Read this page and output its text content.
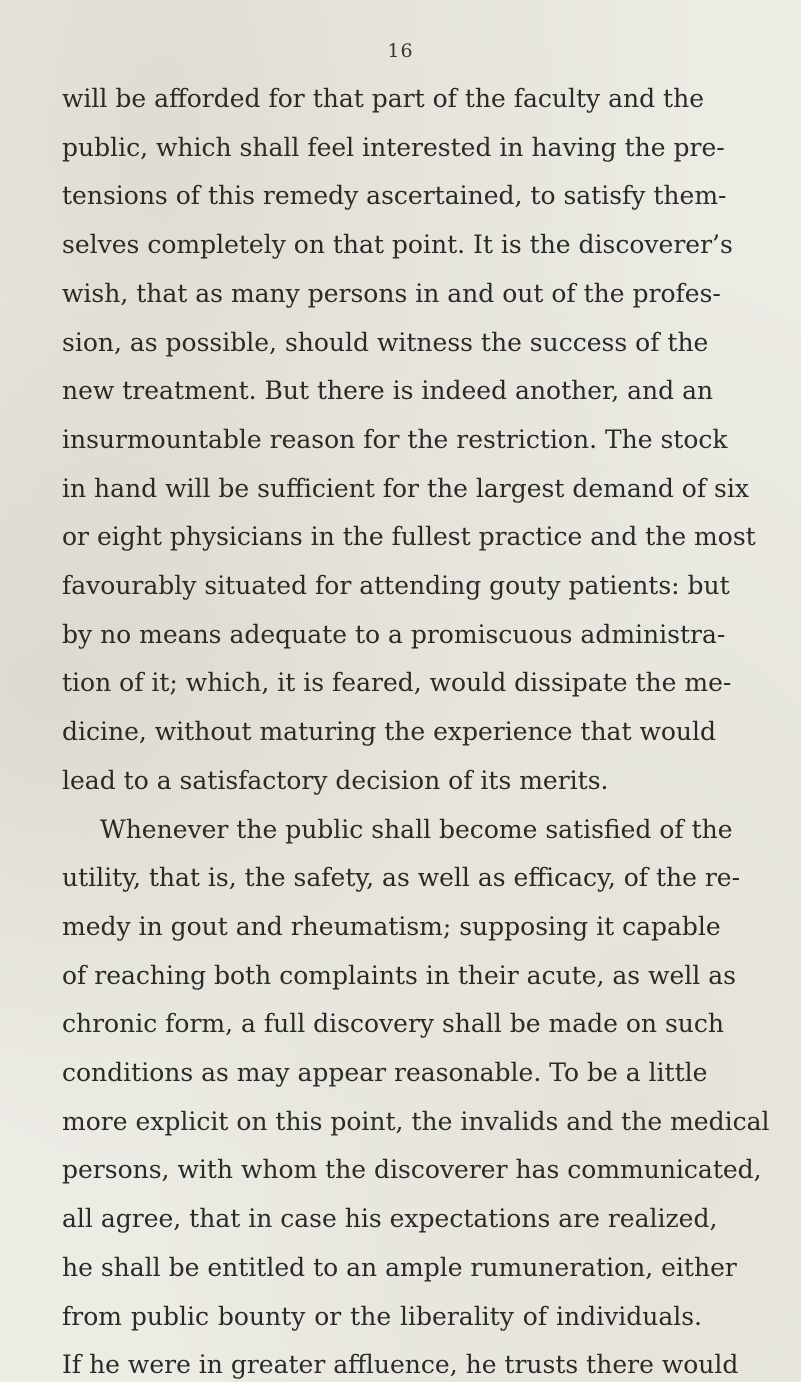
16
will be afforded for that part of the faculty and the
public, which shall feel interested in having the pre-
tensions of this remedy ascertained, to satisfy them-
selves completely on that point. It is the discoverer’s
wish, that as many persons in and out of the profes-
sion, as possible, should witness the success of the
new treatment. But there is indeed another, and an
insurmountable reason for the restriction. The stock
in hand will be sufficient for the largest demand of six
or eight physicians in the fullest practice and the most
favourably situated for attending gouty patients: but
by no means adequate to a promiscuous administra-
tion of it; which, it is feared, would dissipate the me-
dicine, without maturing the experience that would
lead to a satisfactory decision of its merits.
Whenever the public shall become satisfied of the
utility, that is, the safety, as well as efficacy, of the re-
medy in gout and rheumatism; supposing it capable
of reaching both complaints in their acute, as well as
chronic form, a full discovery shall be made on such
conditions as may appear reasonable. To be a little
more explicit on this point, the invalids and the medical
persons, with whom the discoverer has communicated,
all agree, that in case his expectations are realized,
he shall be entitled to an ample rumuneration, either
from public bounty or the liberality of individuals.
If he were in greater affluence, he trusts there would
